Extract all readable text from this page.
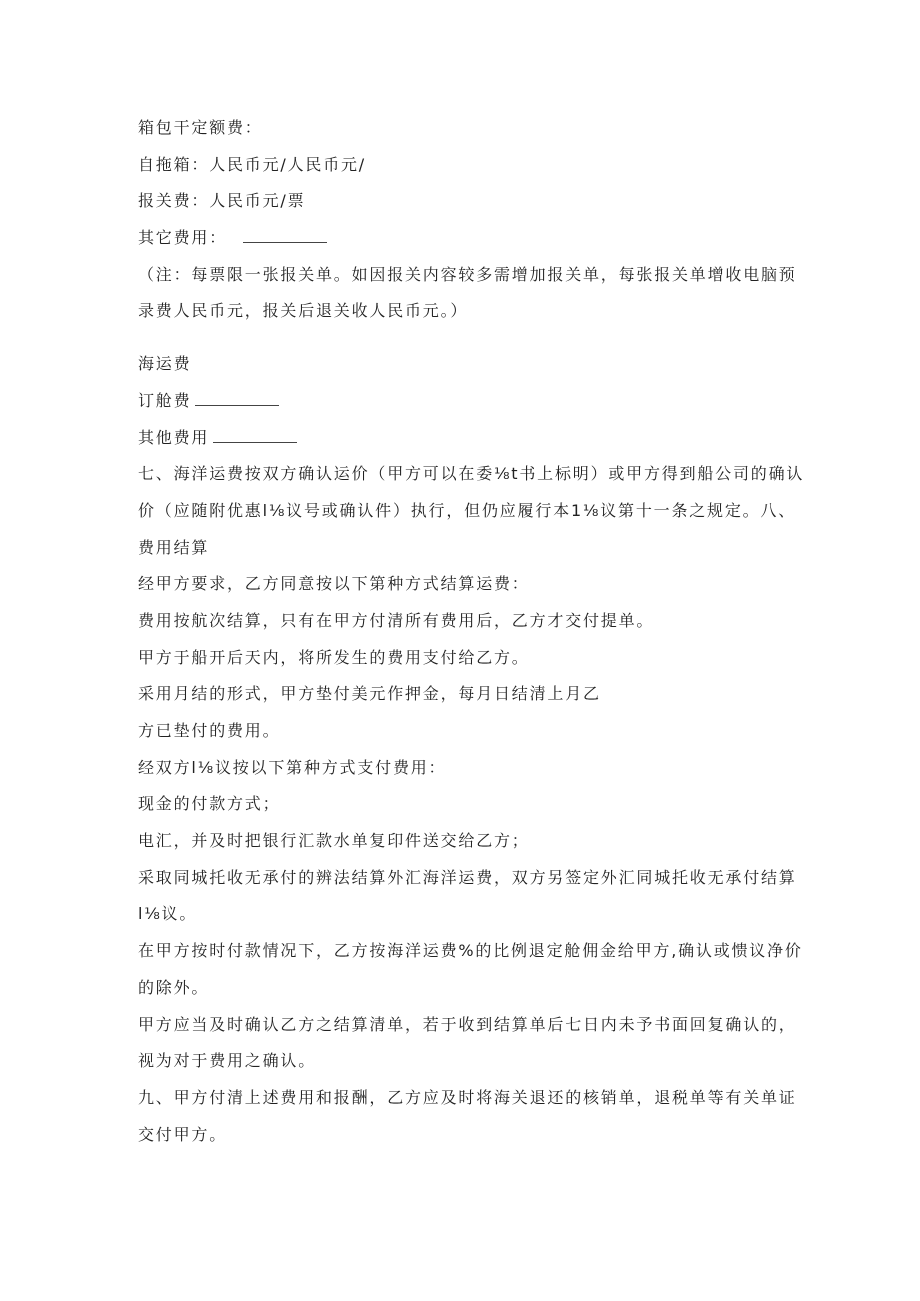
箱包干定额费：
自拖箱：人民币元/人民币元/
报关费：人民币元/票
其它费用：
（注：每票限一张报关单。如因报关内容较多需增加报关单，每张报关单增收电脑预
录费人民币元，报关后退关收人民币元。）
海运费
订舱费
其他费用
七、海洋运费按双方确认运价（甲方可以在委⅛t书上标明）或甲方得到船公司的确认
价（应随附优惠l⅛议号或确认件）执行，但仍应履行本1⅛议第十一条之规定。八、
费用结算
经甲方要求，乙方同意按以下第种方式结算运费：
费用按航次结算，只有在甲方付清所有费用后，乙方才交付提单。
甲方于船开后天内，将所发生的费用支付给乙方。
采用月结的形式，甲方垫付美元作押金，每月日结清上月乙
方已垫付的费用。
经双方l⅛议按以下第种方式支付费用：
现金的付款方式；
电汇，并及时把银行汇款水单复印件送交给乙方；
采取同城托收无承付的辨法结算外汇海洋运费，双方另签定外汇同城托收无承付结算
l⅛议。
在甲方按时付款情况下，乙方按海洋运费%的比例退定舱佣金给甲方,确认或愦议净价
的除外。
甲方应当及时确认乙方之结算清单，若于收到结算单后七日内未予书面回复确认的，
视为对于费用之确认。
九、甲方付清上述费用和报酬，乙方应及时将海关退还的核销单，退税单等有关单证
交付甲方。
